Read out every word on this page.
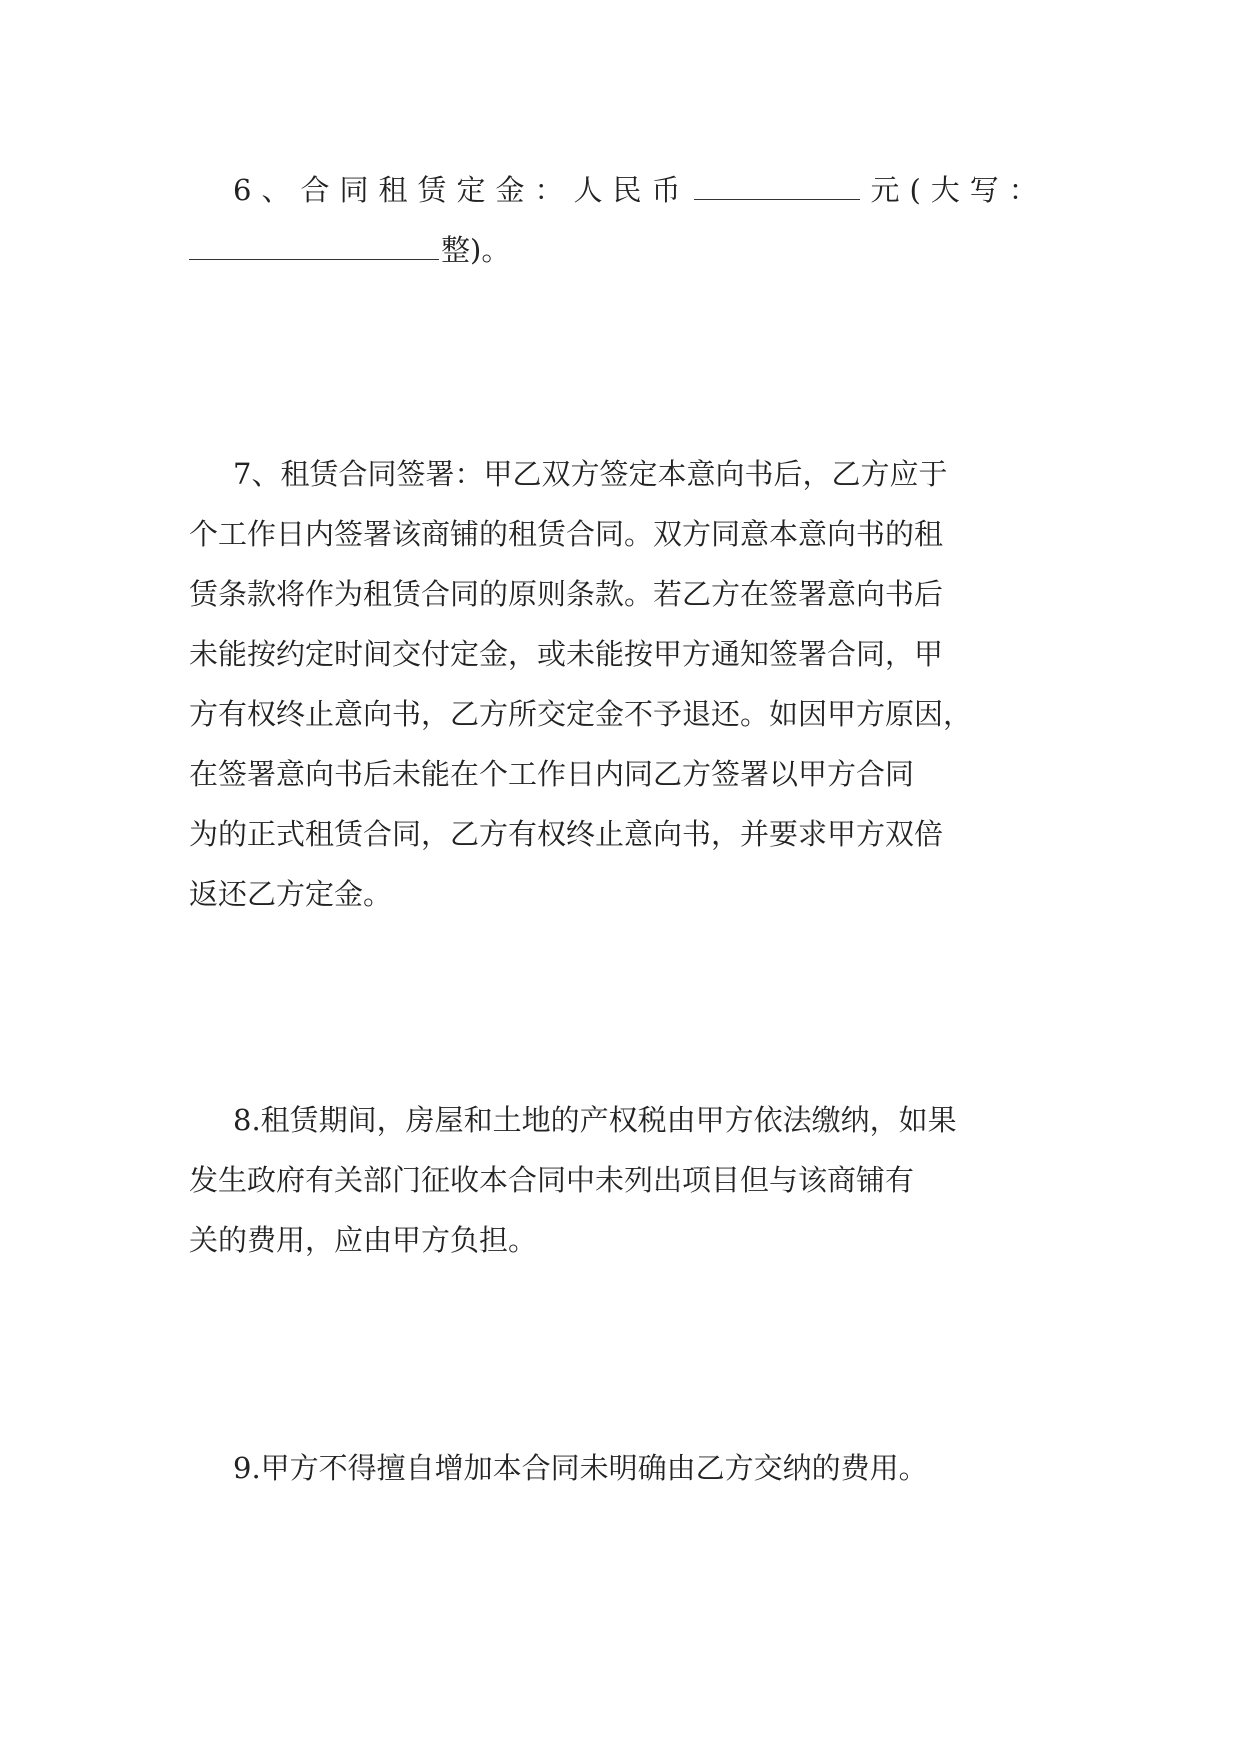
6、合同租赁定金：人民币	元(大写：
整)。
7、租赁合同签署：甲乙双方签定本意向书后，乙方应于
个工作日内签署该商铺的租赁合同。双方同意本意向书的租
赁条款将作为租赁合同的原则条款。若乙方在签署意向书后
未能按约定时间交付定金，或未能按甲方通知签署合同，甲
方有权终止意向书，乙方所交定金不予退还。如因甲方原因，
在签署意向书后未能在个工作日内同乙方签署以甲方合同
为的正式租赁合同，乙方有权终止意向书，并要求甲方双倍
返还乙方定金。
8.租赁期间，房屋和土地的产权税由甲方依法缴纳，如果
发生政府有关部门征收本合同中未列出项目但与该商铺有
关的费用，应由甲方负担。
9.甲方不得擅自增加本合同未明确由乙方交纳的费用。
